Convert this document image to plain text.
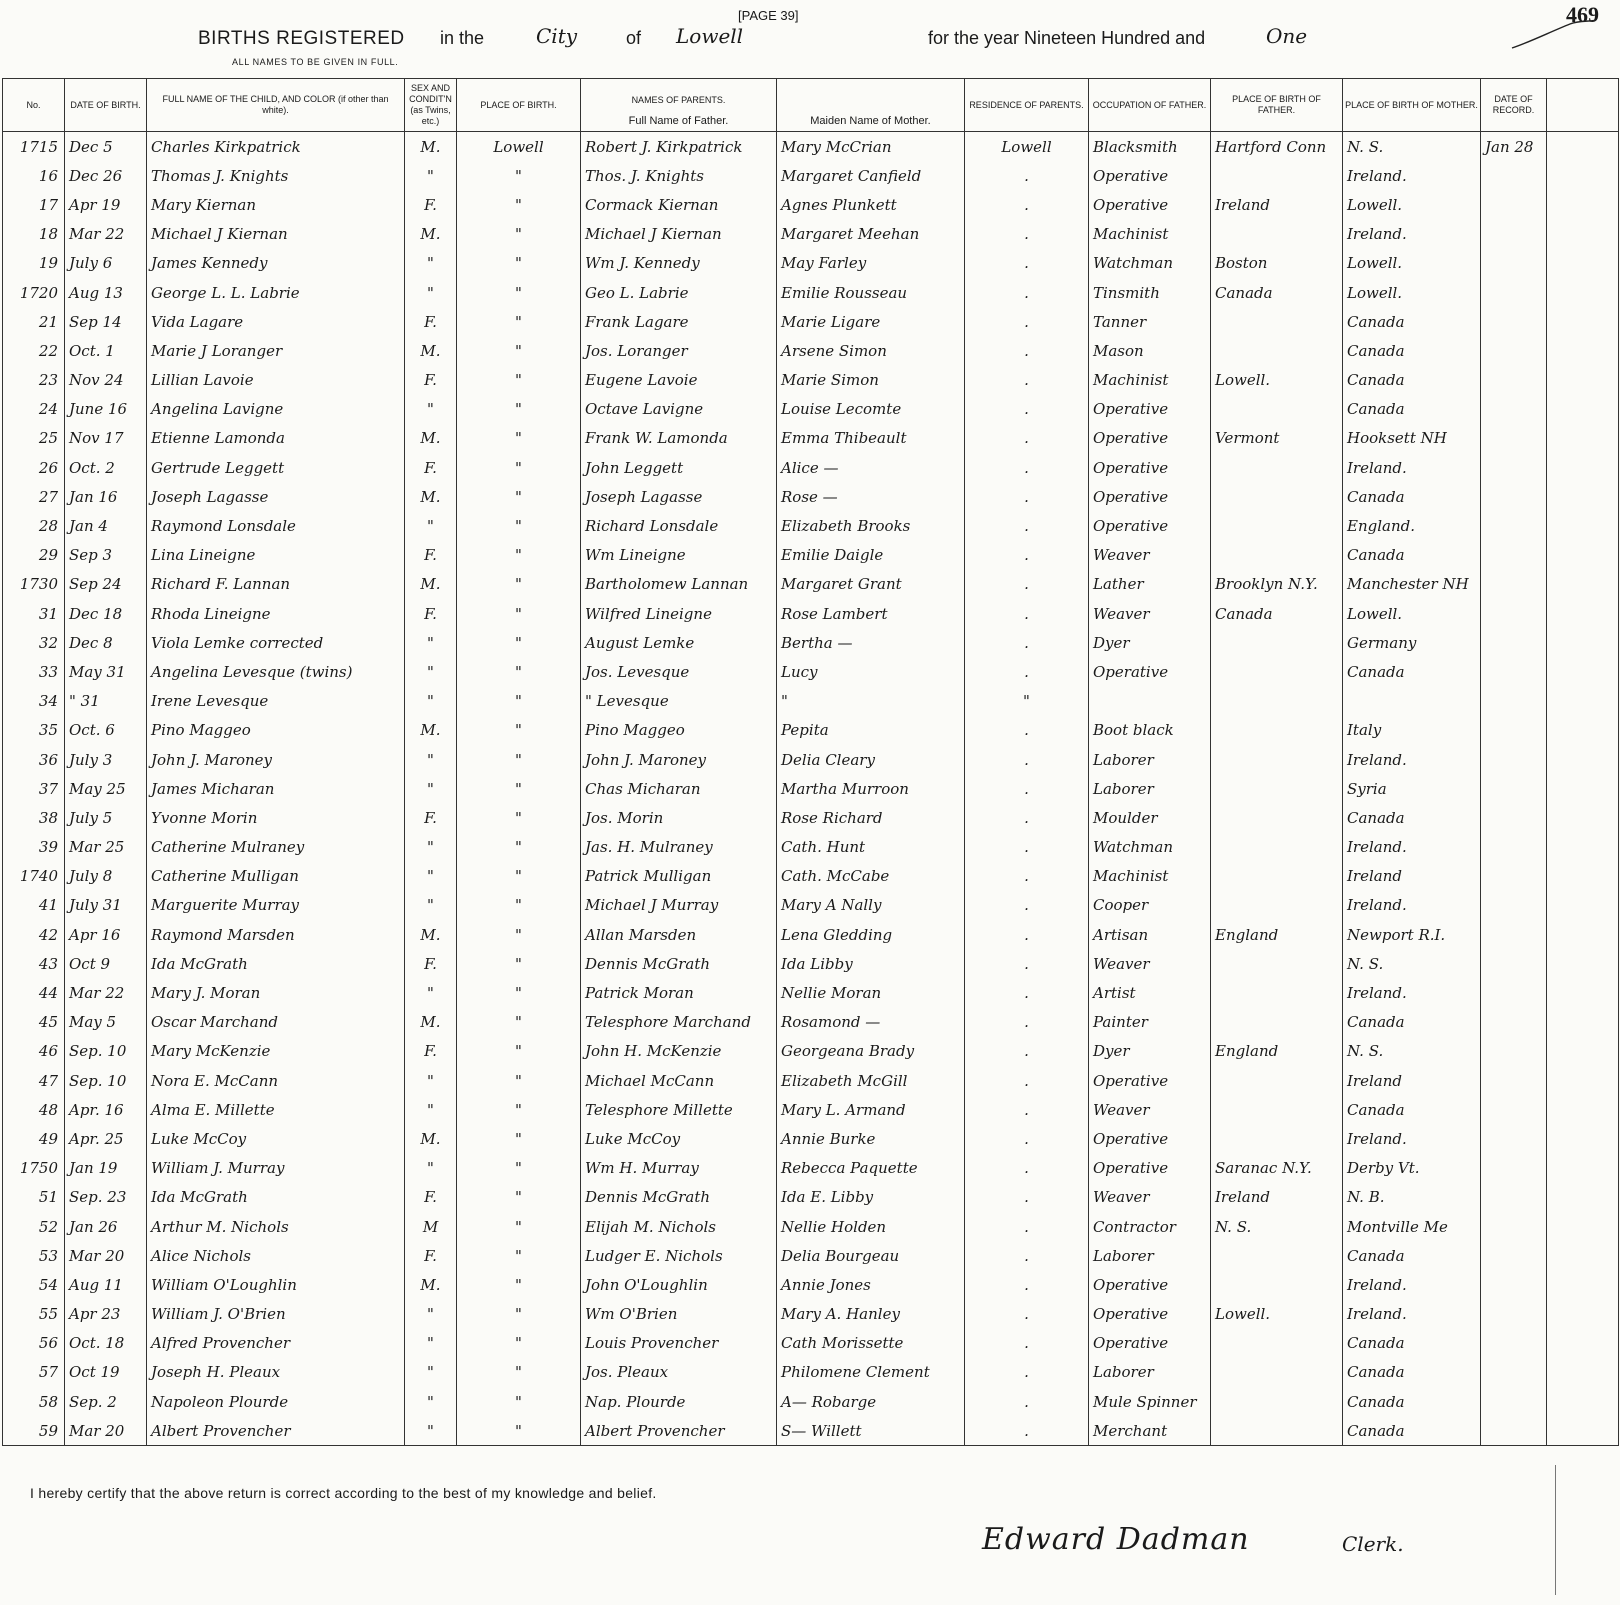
[PAGE 39]	469
BIRTHS REGISTERED in the	City	of Lowell	for the year Nineteen Hundred and	One
ALL NAMES TO BE GIVEN IN FULL.
No.	DATE OF BIRTH.	FULL NAME OF THE CHILD, AND COLOR (if other than white).	SEX AND CONDIT'N (as Twins, etc.)	PLACE OF BIRTH.	NAMES OF PARENTS.
Full Name of Father.	Maiden Name of Mother.	RESIDENCE OF PARENTS.	OCCUPATION OF FATHER.	PLACE OF BIRTH OF FATHER.	PLACE OF BIRTH OF MOTHER.	DATE OF RECORD.	
1715	Dec 5	Charles Kirkpatrick	M.	Lowell	Robert J. Kirkpatrick	Mary McCrian	Lowell	Blacksmith	Hartford Conn	N. S.	Jan 28	
16	Dec 26	Thomas J. Knights	"	"	Thos. J. Knights	Margaret Canfield	.	Operative		Ireland.		
17	Apr 19	Mary Kiernan	F.	"	Cormack Kiernan	Agnes Plunkett	.	Operative	Ireland	Lowell.		
18	Mar 22	Michael J Kiernan	M.	"	Michael J Kiernan	Margaret Meehan	.	Machinist		Ireland.		
19	July 6	James Kennedy	"	"	Wm J. Kennedy	May Farley	.	Watchman	Boston	Lowell.		
1720	Aug 13	George L. L. Labrie	"	"	Geo L. Labrie	Emilie Rousseau	.	Tinsmith	Canada	Lowell.		
21	Sep 14	Vida Lagare	F.	"	Frank Lagare	Marie Ligare	.	Tanner		Canada		
22	Oct. 1	Marie J Loranger	M.	"	Jos. Loranger	Arsene Simon	.	Mason		Canada		
23	Nov 24	Lillian Lavoie	F.	"	Eugene Lavoie	Marie Simon	.	Machinist	Lowell.	Canada		
24	June 16	Angelina Lavigne	"	"	Octave Lavigne	Louise Lecomte	.	Operative		Canada		
25	Nov 17	Etienne Lamonda	M.	"	Frank W. Lamonda	Emma Thibeault	.	Operative	Vermont	Hooksett NH		
26	Oct. 2	Gertrude Leggett	F.	"	John Leggett	Alice —	.	Operative		Ireland.		
27	Jan 16	Joseph Lagasse	M.	"	Joseph Lagasse	Rose —	.	Operative		Canada		
28	Jan 4	Raymond Lonsdale	"	"	Richard Lonsdale	Elizabeth Brooks	.	Operative		England.		
29	Sep 3	Lina Lineigne	F.	"	Wm Lineigne	Emilie Daigle	.	Weaver		Canada		
1730	Sep 24	Richard F. Lannan	M.	"	Bartholomew Lannan	Margaret Grant	.	Lather	Brooklyn N.Y.	Manchester NH		
31	Dec 18	Rhoda Lineigne	F.	"	Wilfred Lineigne	Rose Lambert	.	Weaver	Canada	Lowell.		
32	Dec 8	Viola Lemke corrected	"	"	August Lemke	Bertha —	.	Dyer		Germany		
33	May 31	Angelina Levesque (twins)	"	"	Jos. Levesque	Lucy	.	Operative		Canada		
34	" 31	Irene Levesque	"	"	" Levesque	"	"					
35	Oct. 6	Pino Maggeo	M.	"	Pino Maggeo	Pepita	.	Boot black		Italy		
36	July 3	John J. Maroney	"	"	John J. Maroney	Delia Cleary	.	Laborer		Ireland.		
37	May 25	James Micharan	"	"	Chas Micharan	Martha Murroon	.	Laborer		Syria		
38	July 5	Yvonne Morin	F.	"	Jos. Morin	Rose Richard	.	Moulder		Canada		
39	Mar 25	Catherine Mulraney	"	"	Jas. H. Mulraney	Cath. Hunt	.	Watchman		Ireland.		
1740	July 8	Catherine Mulligan	"	"	Patrick Mulligan	Cath. McCabe	.	Machinist		Ireland		
41	July 31	Marguerite Murray	"	"	Michael J Murray	Mary A Nally	.	Cooper		Ireland.		
42	Apr 16	Raymond Marsden	M.	"	Allan Marsden	Lena Gledding	.	Artisan	England	Newport R.I.		
43	Oct 9	Ida McGrath	F.	"	Dennis McGrath	Ida Libby	.	Weaver		N. S.		
44	Mar 22	Mary J. Moran	"	"	Patrick Moran	Nellie Moran	.	Artist		Ireland.		
45	May 5	Oscar Marchand	M.	"	Telesphore Marchand	Rosamond —	.	Painter		Canada		
46	Sep. 10	Mary McKenzie	F.	"	John H. McKenzie	Georgeana Brady	.	Dyer	England	N. S.		
47	Sep. 10	Nora E. McCann	"	"	Michael McCann	Elizabeth McGill	.	Operative		Ireland		
48	Apr. 16	Alma E. Millette	"	"	Telesphore Millette	Mary L. Armand	.	Weaver		Canada		
49	Apr. 25	Luke McCoy	M.	"	Luke McCoy	Annie Burke	.	Operative		Ireland.		
1750	Jan 19	William J. Murray	"	"	Wm H. Murray	Rebecca Paquette	.	Operative	Saranac N.Y.	Derby Vt.		
51	Sep. 23	Ida McGrath	F.	"	Dennis McGrath	Ida E. Libby	.	Weaver	Ireland	N. B.		
52	Jan 26	Arthur M. Nichols	M	"	Elijah M. Nichols	Nellie Holden	.	Contractor	N. S.	Montville Me		
53	Mar 20	Alice Nichols	F.	"	Ludger E. Nichols	Delia Bourgeau	.	Laborer		Canada		
54	Aug 11	William O'Loughlin	M.	"	John O'Loughlin	Annie Jones	.	Operative		Ireland.		
55	Apr 23	William J. O'Brien	"	"	Wm O'Brien	Mary A. Hanley	.	Operative	Lowell.	Ireland.		
56	Oct. 18	Alfred Provencher	"	"	Louis Provencher	Cath Morissette	.	Operative		Canada		
57	Oct 19	Joseph H. Pleaux	"	"	Jos. Pleaux	Philomene Clement	.	Laborer		Canada		
58	Sep. 2	Napoleon Plourde	"	"	Nap. Plourde	A— Robarge	.	Mule Spinner		Canada		
59	Mar 20	Albert Provencher	"	"	Albert Provencher	S— Willett	.	Merchant		Canada		
I hereby certify that the above return is correct according to the best of my knowledge and belief.
Edward Dadman	Clerk.
